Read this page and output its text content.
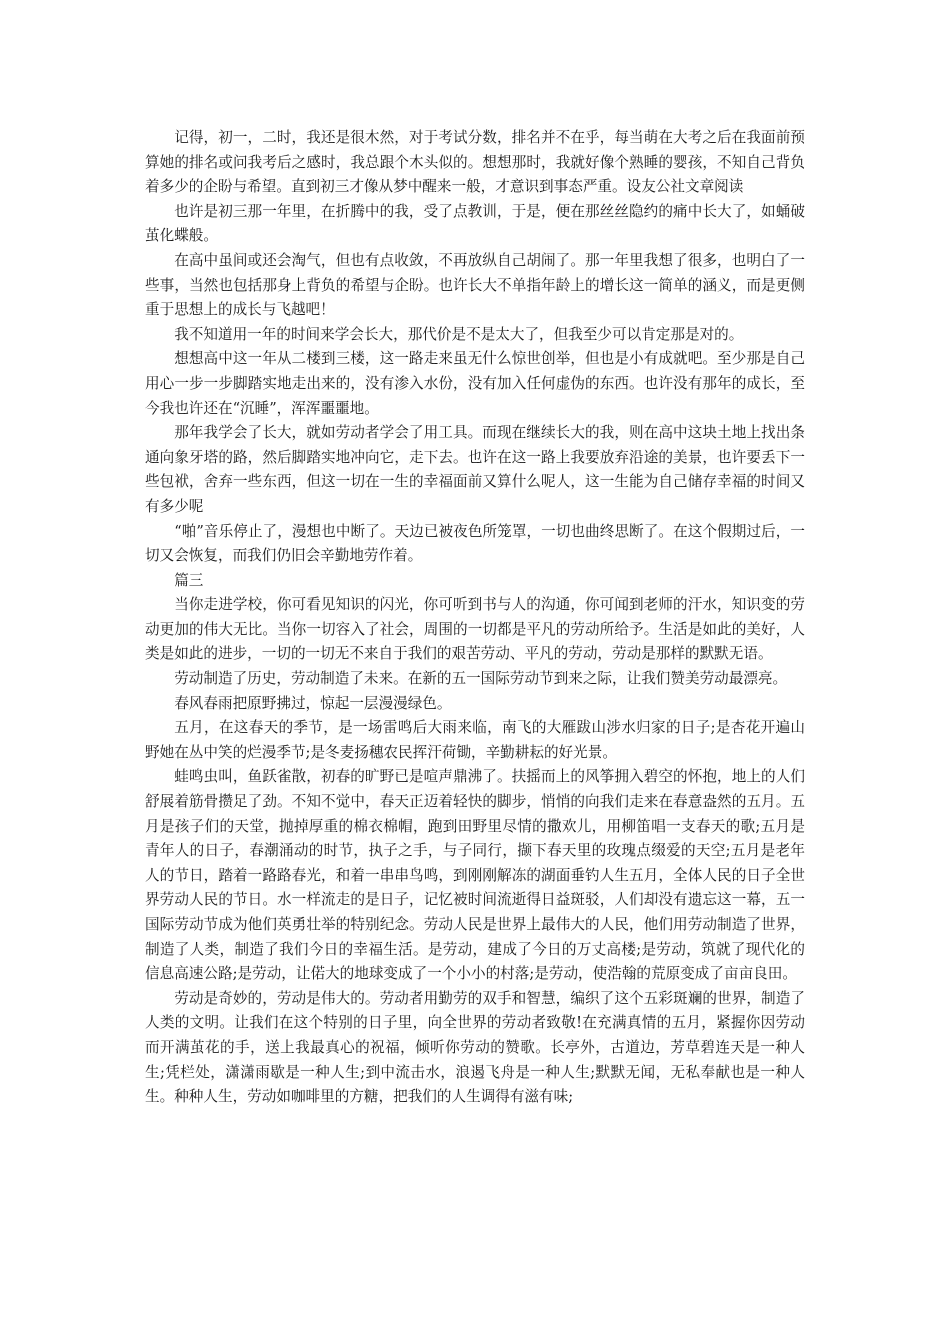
记得，初一，二时，我还是很木然，对于考试分数，排名并不在乎，每当萌在大考之后在我面前预算她的排名或问我考后之感时，我总跟个木头似的。想想那时，我就好像个熟睡的婴孩，不知自己背负着多少的企盼与希望。直到初三才像从梦中醒来一般，才意识到事态严重。设友公社文章阅读

也许是初三那一年里，在折腾中的我，受了点教训，于是，便在那丝丝隐约的痛中长大了，如蛹破茧化蝶般。

在高中虽间或还会淘气，但也有点收敛，不再放纵自己胡闹了。那一年里我想了很多，也明白了一些事，当然也包括那身上背负的希望与企盼。也许长大不单指年龄上的增长这一简单的涵义，而是更侧重于思想上的成长与飞越吧！

我不知道用一年的时间来学会长大，那代价是不是太大了，但我至少可以肯定那是对的。

想想高中这一年从二楼到三楼，这一路走来虽无什么惊世创举，但也是小有成就吧。至少那是自己用心一步一步脚踏实地走出来的，没有渗入水份，没有加入任何虚伪的东西。也许没有那年的成长，至今我也许还在“沉睡”，浑浑噩噩地。

那年我学会了长大，就如劳动者学会了用工具。而现在继续长大的我，则在高中这块土地上找出条通向象牙塔的路，然后脚踏实地冲向它，走下去。也许在这一路上我要放弃沿途的美景，也许要丢下一些包袱，舍弃一些东西，但这一切在一生的幸福面前又算什么呢人，这一生能为自己储存幸福的时间又有多少呢

“啪”音乐停止了，漫想也中断了。天边已被夜色所笼罩，一切也曲终思断了。在这个假期过后，一切又会恢复，而我们仍旧会辛勤地劳作着。

篇三

当你走进学校，你可看见知识的闪光，你可听到书与人的沟通，你可闻到老师的汗水，知识变的劳动更加的伟大无比。当你一切容入了社会，周围的一切都是平凡的劳动所给予。生活是如此的美好，人类是如此的进步，一切的一切无不来自于我们的艰苦劳动、平凡的劳动，劳动是那样的默默无语。

劳动制造了历史，劳动制造了未来。在新的五一国际劳动节到来之际，让我们赞美劳动最漂亮。

春风春雨把原野拂过，惊起一层漫漫绿色。

五月，在这春天的季节，是一场雷鸣后大雨来临，南飞的大雁跋山涉水归家的日子;是杏花开遍山野她在丛中笑的烂漫季节;是冬麦扬穗农民挥汗荷锄，辛勤耕耘的好光景。

蛙鸣虫叫，鱼跃雀散，初春的旷野已是喧声鼎沸了。扶摇而上的风筝拥入碧空的怀抱，地上的人们舒展着筋骨攒足了劲。不知不觉中，春天正迈着轻快的脚步，悄悄的向我们走来在春意盎然的五月。五月是孩子们的天堂，抛掉厚重的棉衣棉帽，跑到田野里尽情的撒欢儿，用柳笛唱一支春天的歌;五月是青年人的日子，春潮涌动的时节，执子之手，与子同行，撷下春天里的玫瑰点缀爱的天空;五月是老年人的节日，踏着一路路春光，和着一串串鸟鸣，到刚刚解冻的湖面垂钓人生五月，全体人民的日子全世界劳动人民的节日。水一样流走的是日子，记忆被时间流逝得日益斑驳，人们却没有遗忘这一幕，五一国际劳动节成为他们英勇壮举的特别纪念。劳动人民是世界上最伟大的人民，他们用劳动制造了世界，制造了人类，制造了我们今日的幸福生活。是劳动，建成了今日的万丈高楼;是劳动，筑就了现代化的信息高速公路;是劳动，让偌大的地球变成了一个小小的村落;是劳动，使浩翰的荒原变成了亩亩良田。

劳动是奇妙的，劳动是伟大的。劳动者用勤劳的双手和智慧，编织了这个五彩斑斓的世界，制造了人类的文明。让我们在这个特别的日子里，向全世界的劳动者致敬!在充满真情的五月，紧握你因劳动而开满茧花的手，送上我最真心的祝福，倾听你劳动的赞歌。长亭外，古道边，芳草碧连天是一种人生;凭栏处，潇潇雨歇是一种人生;到中流击水，浪遏飞舟是一种人生;默默无闻，无私奉献也是一种人生。种种人生，劳动如咖啡里的方糖，把我们的人生调得有滋有味;
